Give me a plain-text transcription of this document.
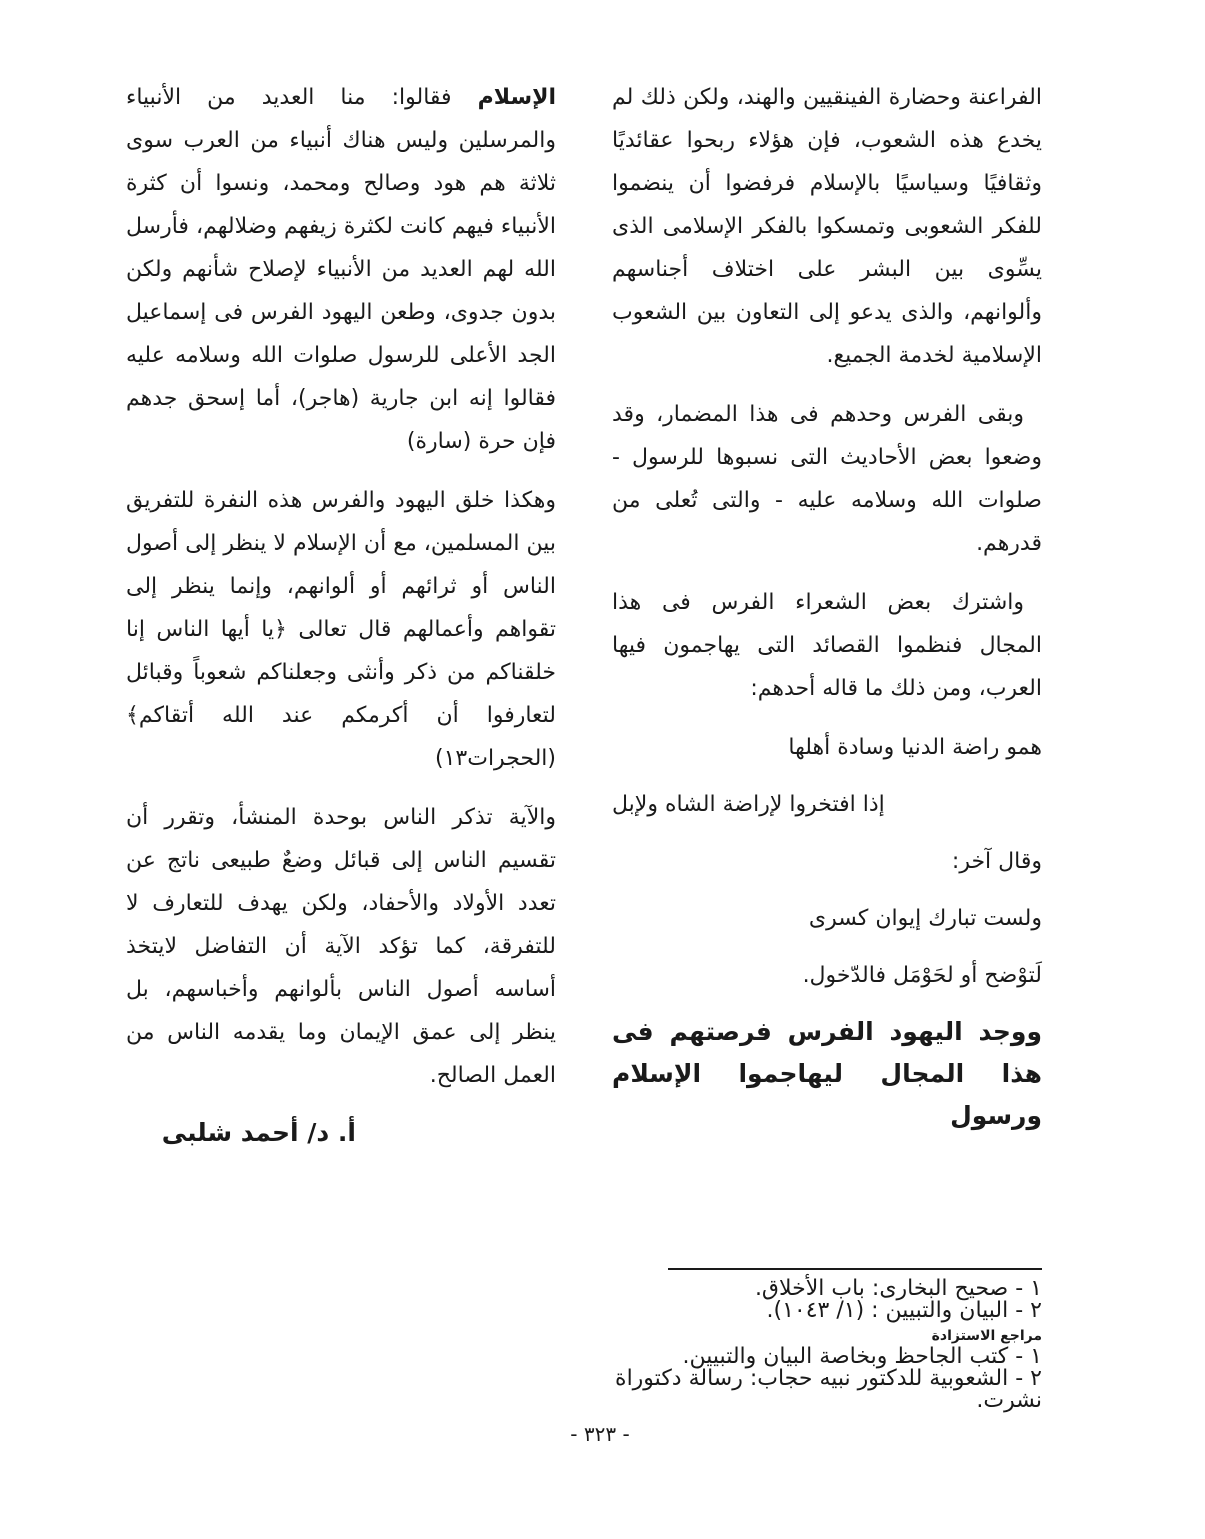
الفراعنة وحضارة الفينقيين والهند، ولكن ذلك لم يخدع هذه الشعوب، فإن هؤلاء ربحوا عقائديًا وثقافيًا وسياسيًا بالإسلام فرفضوا أن ينضموا للفكر الشعوبى وتمسكوا بالفكر الإسلامى الذى يسِّوى بين البشر على اختلاف أجناسهم وألوانهم، والذى يدعو إلى التعاون بين الشعوب الإسلامية لخدمة الجميع.

وبقى الفرس وحدهم فى هذا المضمار، وقد وضعوا بعض الأحاديث التى نسبوها للرسول - صلوات الله وسلامه عليه - والتى تُعلى من قدرهم.

واشترك بعض الشعراء الفرس فى هذا المجال فنظموا القصائد التى يهاجمون فيها العرب، ومن ذلك ما قاله أحدهم:

همو راضة الدنيا وسادة أهلها

إذا افتخروا لإراضة الشاه ولإبل

وقال آخر:

ولست تبارك إيوان كسرى

لَتوْضح أو لحَوْمَل فالدّخول.

ووجد اليهود الفرس فرصتهم فى هذا المجال ليهاجموا الإسلام ورسول

الإسلام فقالوا: منا العديد من الأنبياء والمرسلين وليس هناك أنبياء من العرب سوى ثلاثة هم هود وصالح ومحمد، ونسوا أن كثرة الأنبياء فيهم كانت لكثرة زيفهم وضلالهم، فأرسل الله لهم العديد من الأنبياء لإصلاح شأنهم ولكن بدون جدوى، وطعن اليهود الفرس فى إسماعيل الجد الأعلى للرسول صلوات الله وسلامه عليه فقالوا إنه ابن جارية (هاجر)، أما إسحق جدهم فإن حرة (سارة)

وهكذا خلق اليهود والفرس هذه النفرة للتفريق بين المسلمين، مع أن الإسلام لا ينظر إلى أصول الناس أو ثرائهم أو ألوانهم، وإنما ينظر إلى تقواهم وأعمالهم قال تعالى ﴿يا أيها الناس إنا خلقناكم من ذكر وأنثى وجعلناكم شعوباً وقبائل لتعارفوا أن أكرمكم عند الله أتقاكم﴾ (الحجرات١٣)

والآية تذكر الناس بوحدة المنشأ، وتقرر أن تقسيم الناس إلى قبائل وضعٌ طبيعى ناتج عن تعدد الأولاد والأحفاد، ولكن يهدف للتعارف لا للتفرقة، كما تؤكد الآية أن التفاضل لايتخذ أساسه أصول الناس بألوانهم وأخباسهم، بل ينظر إلى عمق الإيمان وما يقدمه الناس من العمل الصالح.

أ. د/ أحمد شلبى

١ - صحيح البخارى: باب الأخلاق.

٢ - البيان والتبيين : (١/ ١٠٤٣).

مراجع الاستزادة

١ - كتب الجاحظ وبخاصة البيان والتبيين.

٢ - الشعوبية للدكتور نبيه حجاب: رسالة دكتوراة نشرت.

- ٣٢٣ -
